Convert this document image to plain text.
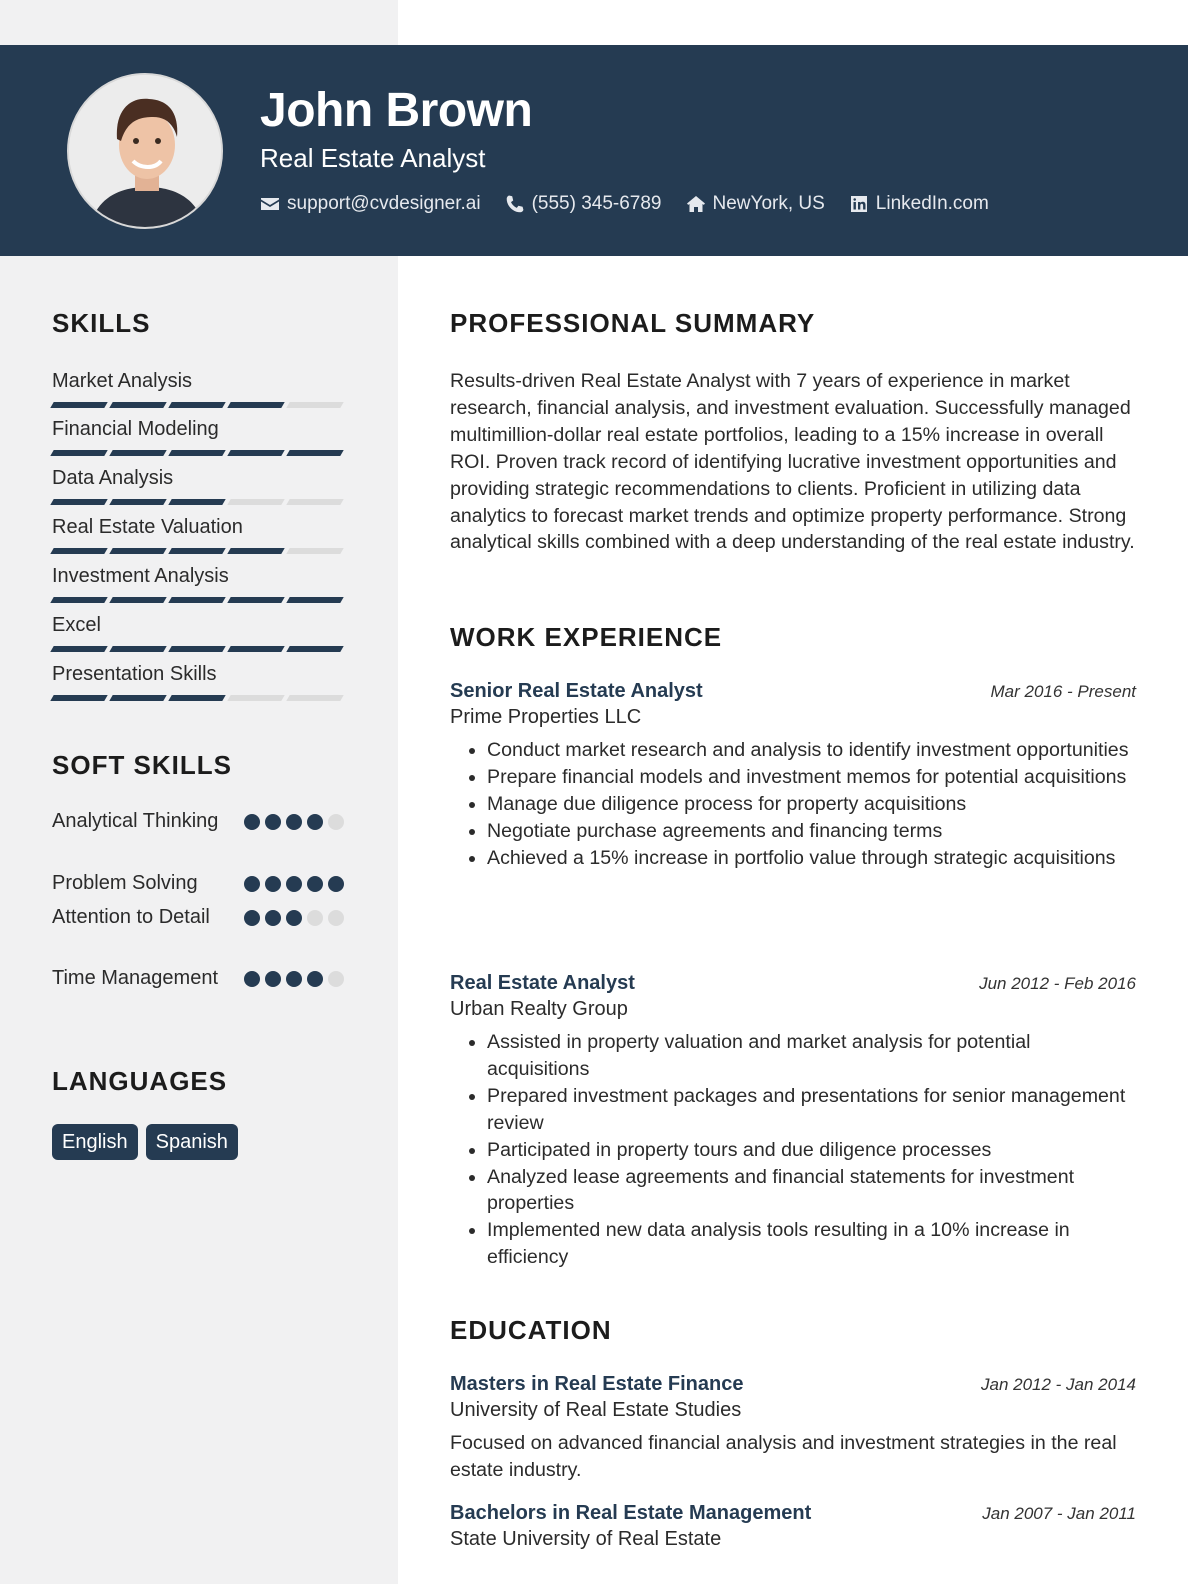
John Brown
Real Estate Analyst
support@cvdesigner.ai	(555) 345-6789	NewYork, US	LinkedIn.com
SKILLS
Market Analysis
Financial Modeling
Data Analysis
Real Estate Valuation
Investment Analysis
Excel
Presentation Skills
SOFT SKILLS
Analytical Thinking
Problem Solving
Attention to Detail
Time Management
LANGUAGES
English	Spanish
PROFESSIONAL SUMMARY
Results-driven Real Estate Analyst with 7 years of experience in market research, financial analysis, and investment evaluation. Successfully managed multimillion-dollar real estate portfolios, leading to a 15% increase in overall ROI. Proven track record of identifying lucrative investment opportunities and providing strategic recommendations to clients. Proficient in utilizing data analytics to forecast market trends and optimize property performance. Strong analytical skills combined with a deep understanding of the real estate industry.
WORK EXPERIENCE
Senior Real Estate Analyst	Mar 2016 - Present
Prime Properties LLC
• Conduct market research and analysis to identify investment opportunities
• Prepare financial models and investment memos for potential acquisitions
• Manage due diligence process for property acquisitions
• Negotiate purchase agreements and financing terms
• Achieved a 15% increase in portfolio value through strategic acquisitions
Real Estate Analyst	Jun 2012 - Feb 2016
Urban Realty Group
• Assisted in property valuation and market analysis for potential acquisitions
• Prepared investment packages and presentations for senior management review
• Participated in property tours and due diligence processes
• Analyzed lease agreements and financial statements for investment properties
• Implemented new data analysis tools resulting in a 10% increase in efficiency
EDUCATION
Masters in Real Estate Finance	Jan 2012 - Jan 2014
University of Real Estate Studies
Focused on advanced financial analysis and investment strategies in the real estate industry.
Bachelors in Real Estate Management	Jan 2007 - Jan 2011
State University of Real Estate
